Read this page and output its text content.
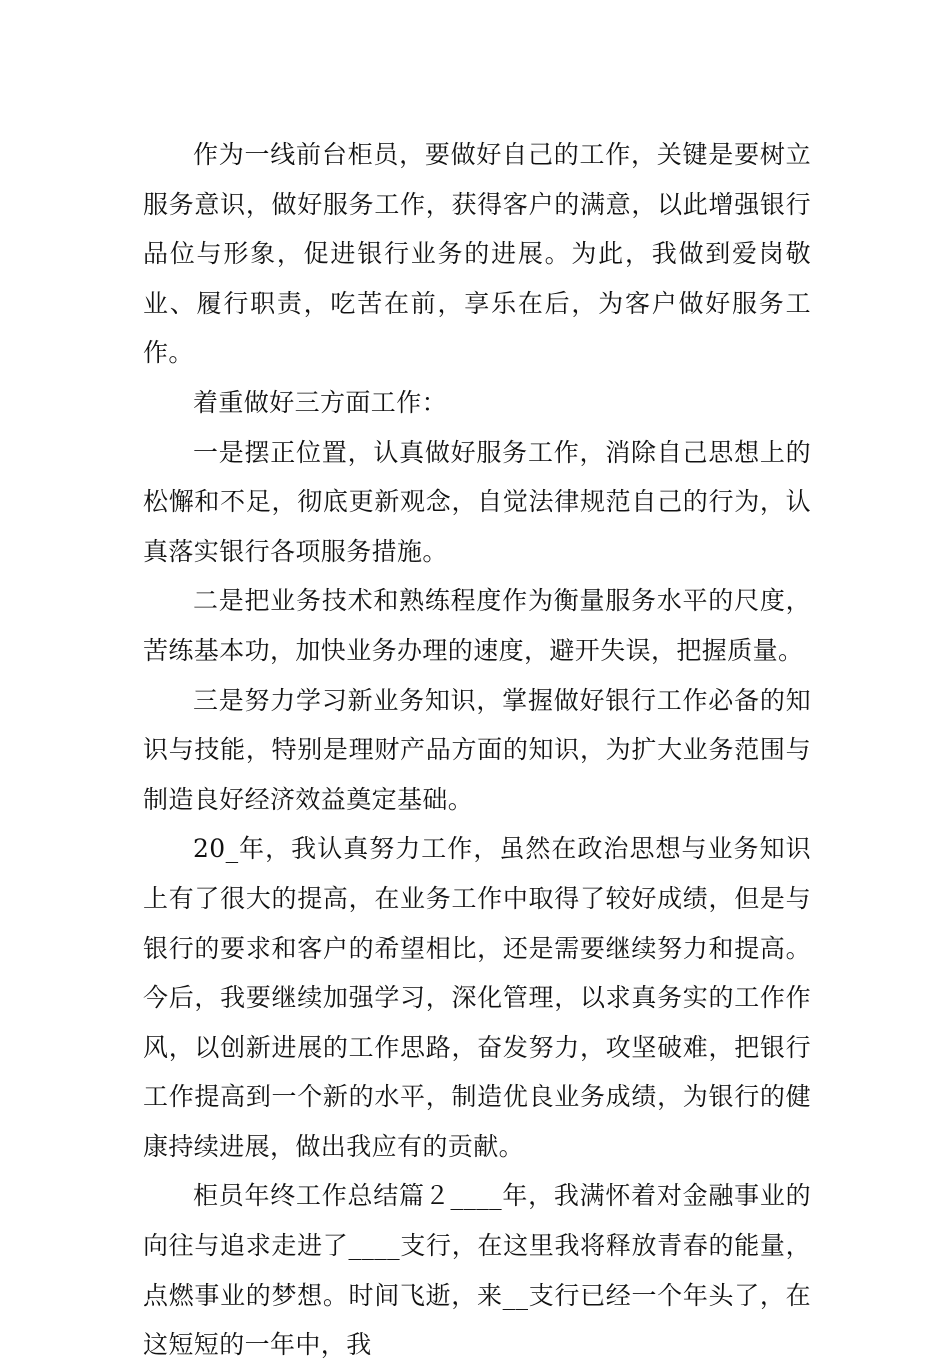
作为一线前台柜员，要做好自己的工作，关键是要树立服务意识，做好服务工作，获得客户的满意，以此增强银行品位与形象，促进银行业务的进展。为此，我做到爱岗敬业、履行职责，吃苦在前，享乐在后，为客户做好服务工作。

着重做好三方面工作：

一是摆正位置，认真做好服务工作，消除自己思想上的松懈和不足，彻底更新观念，自觉法律规范自己的行为，认真落实银行各项服务措施。

二是把业务技术和熟练程度作为衡量服务水平的尺度，苦练基本功，加快业务办理的速度，避开失误，把握质量。

三是努力学习新业务知识，掌握做好银行工作必备的知识与技能，特别是理财产品方面的知识，为扩大业务范围与制造良好经济效益奠定基础。

20_年，我认真努力工作，虽然在政治思想与业务知识上有了很大的提高，在业务工作中取得了较好成绩，但是与银行的要求和客户的希望相比，还是需要继续努力和提高。今后，我要继续加强学习，深化管理，以求真务实的工作作风，以创新进展的工作思路，奋发努力，攻坚破难，把银行工作提高到一个新的水平，制造优良业务成绩，为银行的健康持续进展，做出我应有的贡献。

柜员年终工作总结篇２____年，我满怀着对金融事业的向往与追求走进了____支行，在这里我将释放青春的能量，点燃事业的梦想。时间飞逝，来__支行已经一个年头了，在这短短的一年中，我
